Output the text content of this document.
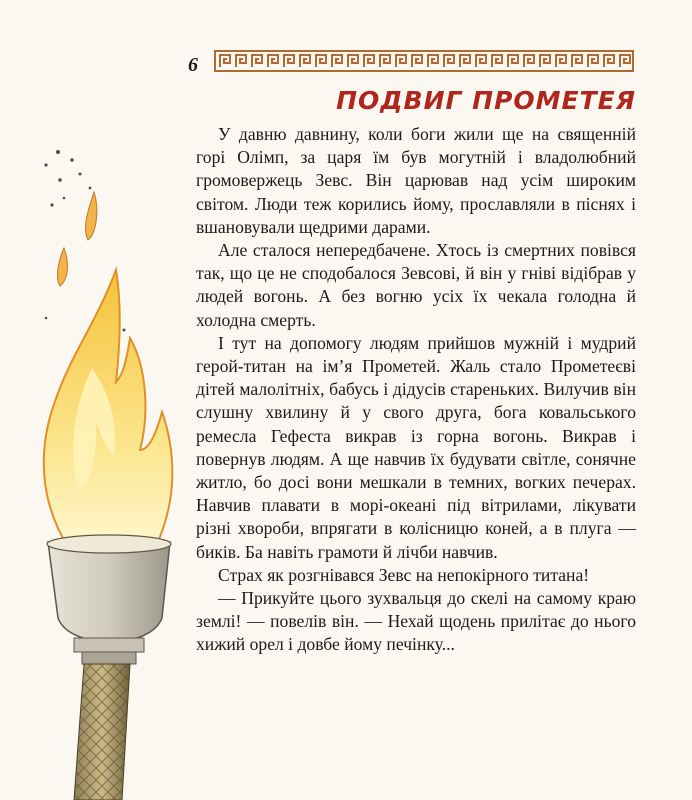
6
ПОДВИГ ПРОМЕТЕЯ

У давню давнину, коли боги жили ще на священній горі Олімп, за царя їм був могутній і владолюбний громовержець Зевс. Він царював над усім широким світом. Люди теж корились йому, прославляли в піснях і вшановували щедрими дарами.

Але сталося непередбачене. Хтось із смертних повівся так, що це не сподобалося Зевсові, й він у гніві відібрав у людей вогонь. А без вогню усіх їх чекала голодна й холодна смерть.

І тут на допомогу людям прийшов мужній і мудрий герой-титан на ім’я Прометей. Жаль стало Прометеєві дітей малолітніх, бабусь і дідусів стареньких. Вилучив він слушну хвилину й у свого друга, бога ковальського ремесла Гефеста викрав із горна вогонь. Викрав і повернув людям. А ще навчив їх будувати світле, сонячне житло, бо досі вони мешкали в темних, вогких печерах. Навчив плавати в морі-океані під вітрилами, лікувати різні хвороби, впрягати в колісницю коней, а в плуга — биків. Ба навіть грамоти й лічби навчив.

Страх як розгнівався Зевс на непокірного титана!

— Прикуйте цього зухвальця до скелі на самому краю землі! — повелів він. — Нехай щодень прилітає до нього хижий орел і довбе йому печінку...
